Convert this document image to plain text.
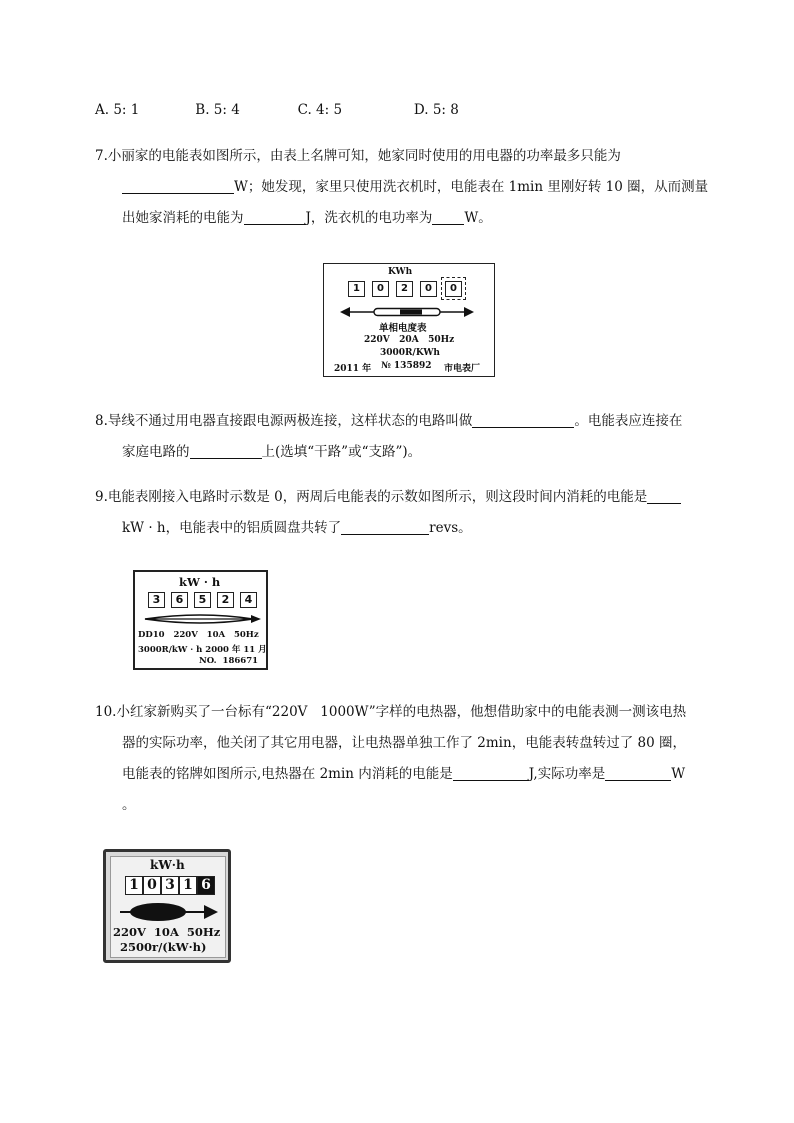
A. 5: 1	B. 5: 4	C. 4: 5	D. 5: 8
7.小丽家的电能表如图所示，由表上名牌可知，她家同时使用的用电器的功率最多只能为
W；她发现，家里只使用洗衣机时，电能表在 1min 里刚好转 10 圈，从而测量
出她家消耗的电能为	J，洗衣机的电功率为 W。
KWh
1	0	2	0	0
单相电度表
220V   20A   50Hz
3000R/KWh
2011 年 № 135892 市电表厂
8.导线不通过用电器直接跟电源两极连接，这样状态的电路叫做	。电能表应连接在
家庭电路的	上(选填“干路”或“支路”)。
9.电能表刚接入电路时示数是 0，两周后电能表的示数如图所示，则这段时间内消耗的电能是
kW · h，电能表中的铝质圆盘共转了	revs。
kW · h
3	6	5	2	4
DD10   220V   10A   50Hz
3000R/kW · h 2000 年 11 月
NO.  186671
10.小红家新购买了一台标有“220V   1000W”字样的电热器，他想借助家中的电能表测一测该电热
器的实际功率，他关闭了其它用电器，让电热器单独工作了 2min，电能表转盘转过了 80 圈，
电能表的铭牌如图所示,电热器在 2min 内消耗的电能是	J,实际功率是	W
。
kW·h
1 0 3 1 6
220V  10A  50Hz
2500r/(kW·h)
